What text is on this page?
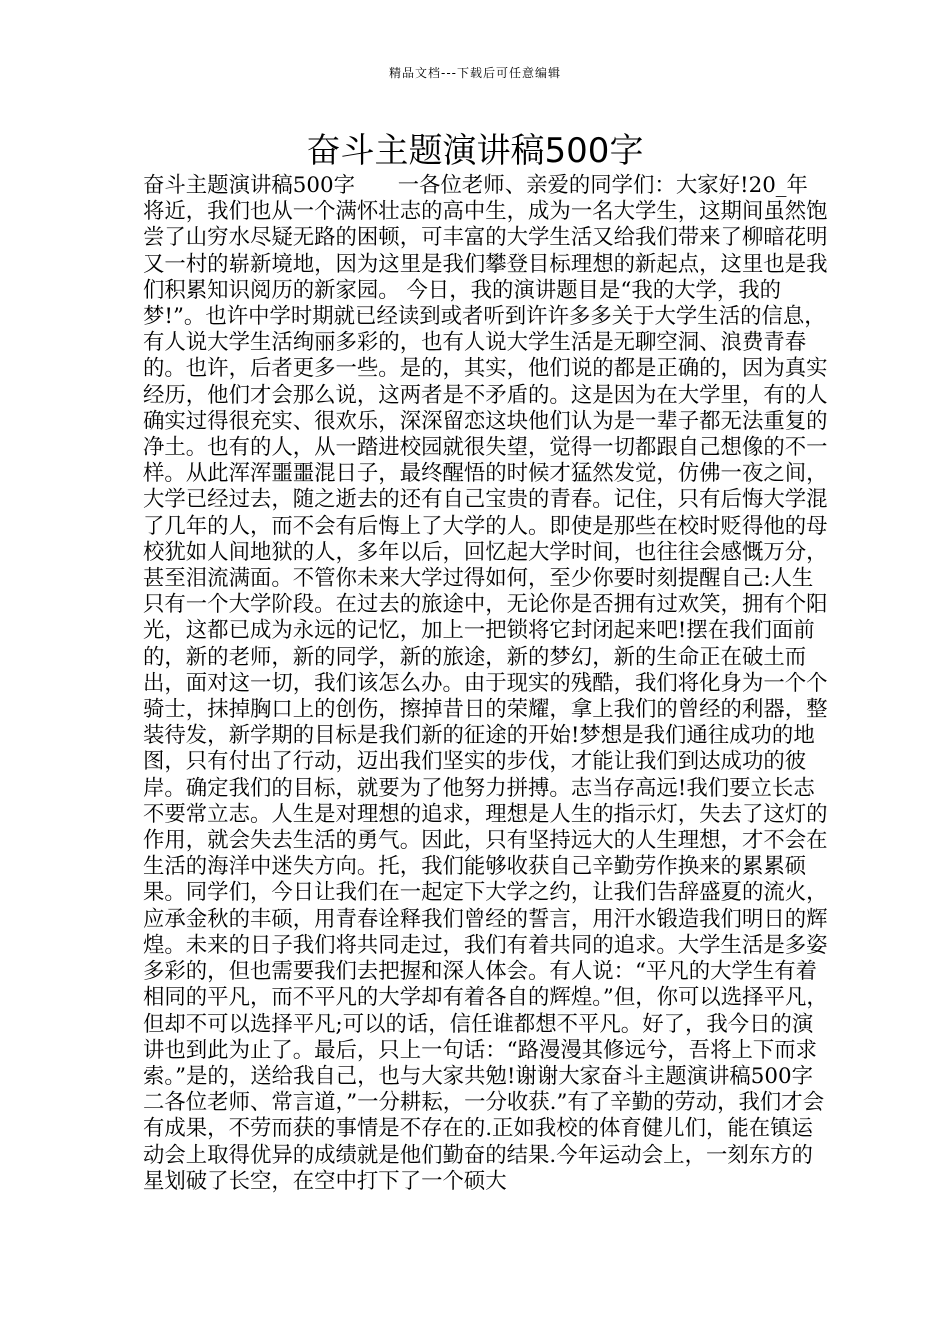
精品文档---下载后可任意编辑
奋斗主题演讲稿500字

奋斗主题演讲稿500字　　一各位老师、亲爱的同学们：大家好!20_年将近，我们也从一个满怀壮志的高中生，成为一名大学生，这期间虽然饱尝了山穷水尽疑无路的困顿，可丰富的大学生活又给我们带来了柳暗花明又一村的崭新境地，因为这里是我们攀登目标理想的新起点，这里也是我们积累知识阅历的新家园。 今日，我的演讲题目是“我的大学，我的梦!”。也许中学时期就已经读到或者听到许许多多关于大学生活的信息，有人说大学生活绚丽多彩的，也有人说大学生活是无聊空洞、浪费青春的。也许，后者更多一些。是的，其实，他们说的都是正确的，因为真实经历，他们才会那么说，这两者是不矛盾的。这是因为在大学里，有的人确实过得很充实、很欢乐，深深留恋这块他们认为是一辈子都无法重复的净土。也有的人，从一踏进校园就很失望，觉得一切都跟自己想像的不一样。从此浑浑噩噩混日子，最终醒悟的时候才猛然发觉，仿佛一夜之间，大学已经过去，随之逝去的还有自己宝贵的青春。记住，只有后悔大学混了几年的人，而不会有后悔上了大学的人。即使是那些在校时贬得他的母校犹如人间地狱的人，多年以后，回忆起大学时间，也往往会感慨万分，甚至泪流满面。不管你未来大学过得如何，至少你要时刻提醒自己:人生只有一个大学阶段。在过去的旅途中，无论你是否拥有过欢笑，拥有个阳光，这都已成为永远的记忆，加上一把锁将它封闭起来吧!摆在我们面前的，新的老师，新的同学，新的旅途，新的梦幻，新的生命正在破土而出，面对这一切，我们该怎么办。由于现实的残酷，我们将化身为一个个骑士，抹掉胸口上的创伤，擦掉昔日的荣耀，拿上我们的曾经的利器，整装待发，新学期的目标是我们新的征途的开始!梦想是我们通往成功的地图，只有付出了行动，迈出我们坚实的步伐，才能让我们到达成功的彼岸。确定我们的目标，就要为了他努力拼搏。志当存高远!我们要立长志不要常立志。人生是对理想的追求，理想是人生的指示灯，失去了这灯的作用，就会失去生活的勇气。因此，只有坚持远大的人生理想，才不会在生活的海洋中迷失方向。托，我们能够收获自己辛勤劳作换来的累累硕果。同学们，今日让我们在一起定下大学之约，让我们告辞盛夏的流火，应承金秋的丰硕，用青春诠释我们曾经的誓言，用汗水锻造我们明日的辉煌。未来的日子我们将共同走过，我们有着共同的追求。大学生活是多姿多彩的，但也需要我们去把握和深人体会。有人说：“平凡的大学生有着相同的平凡，而不平凡的大学却有着各自的辉煌。”但，你可以选择平凡，但却不可以选择平凡;可以的话，信任谁都想不平凡。好了，我今日的演讲也到此为止了。最后，只上一句话：“路漫漫其修远兮，吾将上下而求索。”是的，送给我自己，也与大家共勉!谢谢大家奋斗主题演讲稿500字　二各位老师、常言道，”一分耕耘，一分收获.”有了辛勤的劳动，我们才会有成果，不劳而获的事情是不存在的.正如我校的体育健儿们，能在镇运动会上取得优异的成绩就是他们勤奋的结果.今年运动会上，一刻东方的星划破了长空，在空中打下了一个硕大
